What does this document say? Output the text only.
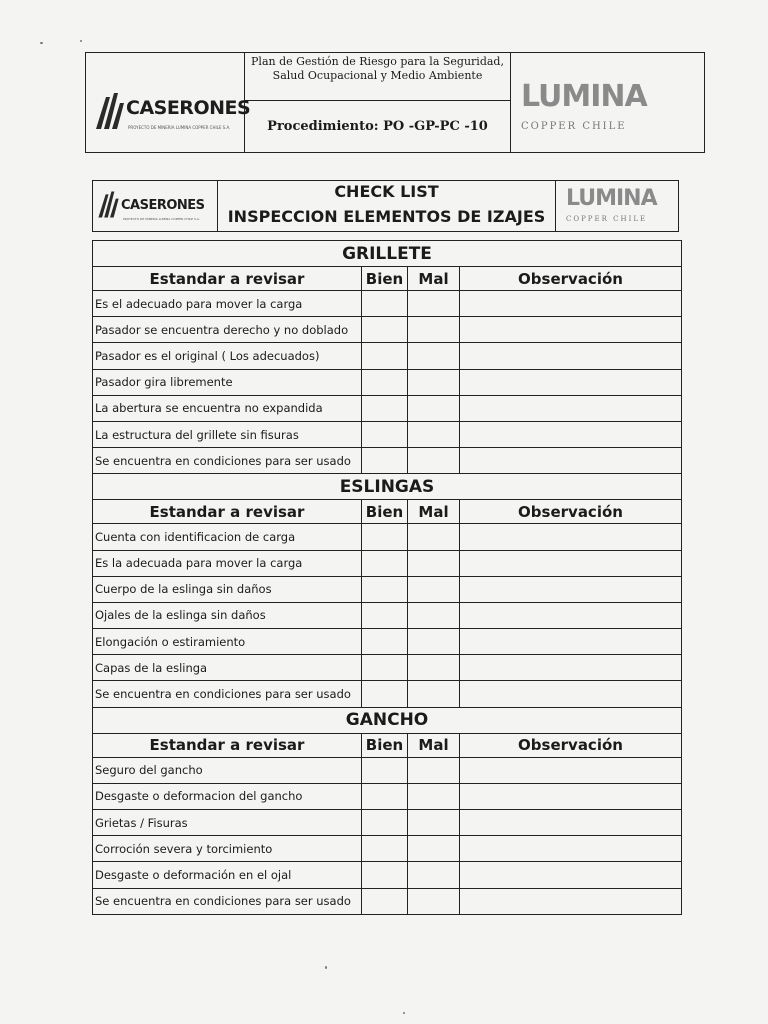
CASERONES
PROYECTO DE MINERIA LUMINA COPPER CHILE S.A.
Plan de Gestión de Riesgo para la Seguridad, Salud Ocupacional y Medio Ambiente
Procedimiento: PO -GP-PC -10
LUMINA
COPPER CHILE
CASERONES
PROYECTO DE MINERIA LUMINA COPPER CHILE S.A.
CHECK LIST
INSPECCION ELEMENTOS DE IZAJES
LUMINA
COPPER CHILE
GRILLETE
Estandar a revisar	Bien	Mal	Observación
Es el adecuado para mover la carga
Pasador se encuentra derecho y no doblado
Pasador es el original ( Los adecuados)
Pasador gira libremente
La abertura se encuentra no expandida
La estructura del grillete sin fisuras
Se encuentra en condiciones para ser usado
ESLINGAS
Estandar a revisar	Bien	Mal	Observación
Cuenta con identificacion de carga
Es la adecuada para mover la carga
Cuerpo de la eslinga sin daños
Ojales de la eslinga sin daños
Elongación o estiramiento
Capas de la eslinga
Se encuentra en condiciones para ser usado
GANCHO
Estandar a revisar	Bien	Mal	Observación
Seguro del gancho
Desgaste o deformacion del gancho
Grietas / Fisuras
Corroción severa y torcimiento
Desgaste o deformación en el ojal
Se encuentra en condiciones para ser usado
